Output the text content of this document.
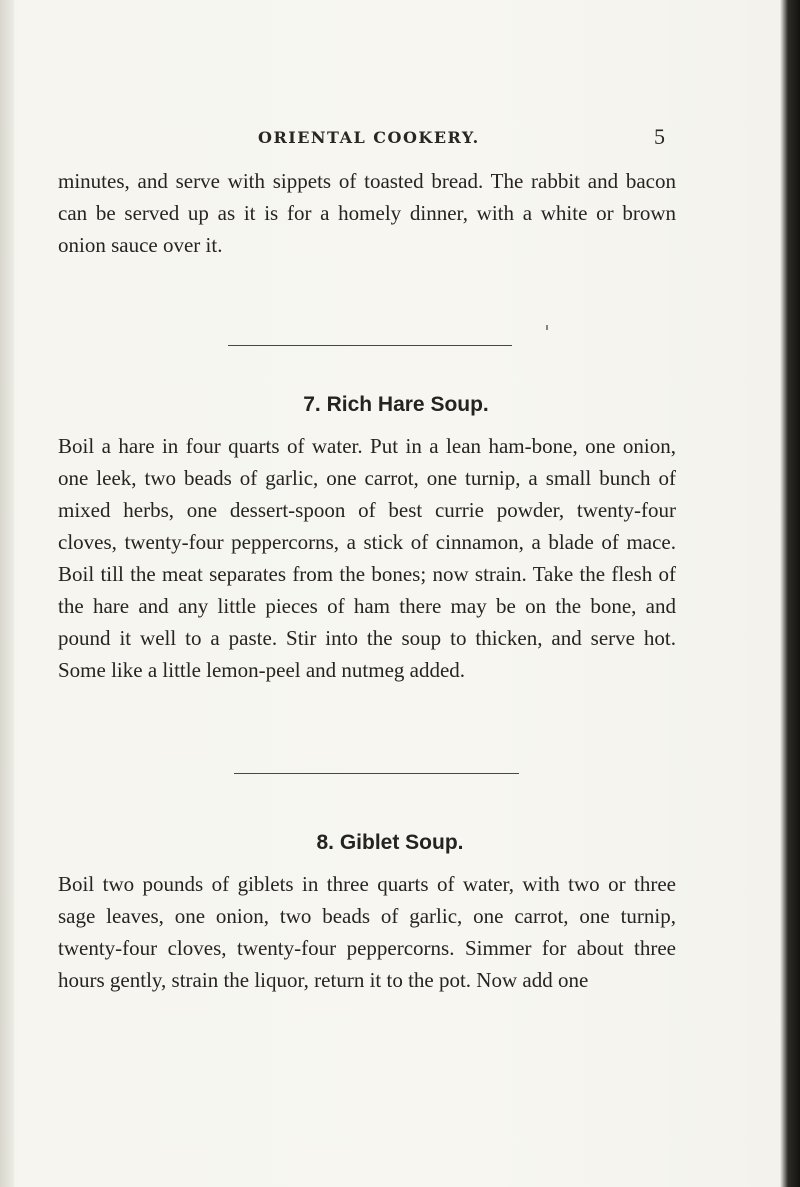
ORIENTAL COOKERY.	5
minutes, and serve with sippets of toasted bread. The rabbit and bacon can be served up as it is for a homely dinner, with a white or brown onion sauce over it.
7. Rich Hare Soup.
Boil a hare in four quarts of water. Put in a lean ham-bone, one onion, one leek, two beads of garlic, one carrot, one turnip, a small bunch of mixed herbs, one dessert-spoon of best currie powder, twenty-four cloves, twenty-four peppercorns, a stick of cinnamon, a blade of mace. Boil till the meat separates from the bones; now strain. Take the flesh of the hare and any little pieces of ham there may be on the bone, and pound it well to a paste. Stir into the soup to thicken, and serve hot. Some like a little lemon-peel and nutmeg added.
8. Giblet Soup.
Boil two pounds of giblets in three quarts of water, with two or three sage leaves, one onion, two beads of garlic, one carrot, one turnip, twenty-four cloves, twenty-four peppercorns. Simmer for about three hours gently, strain the liquor, return it to the pot. Now add one
